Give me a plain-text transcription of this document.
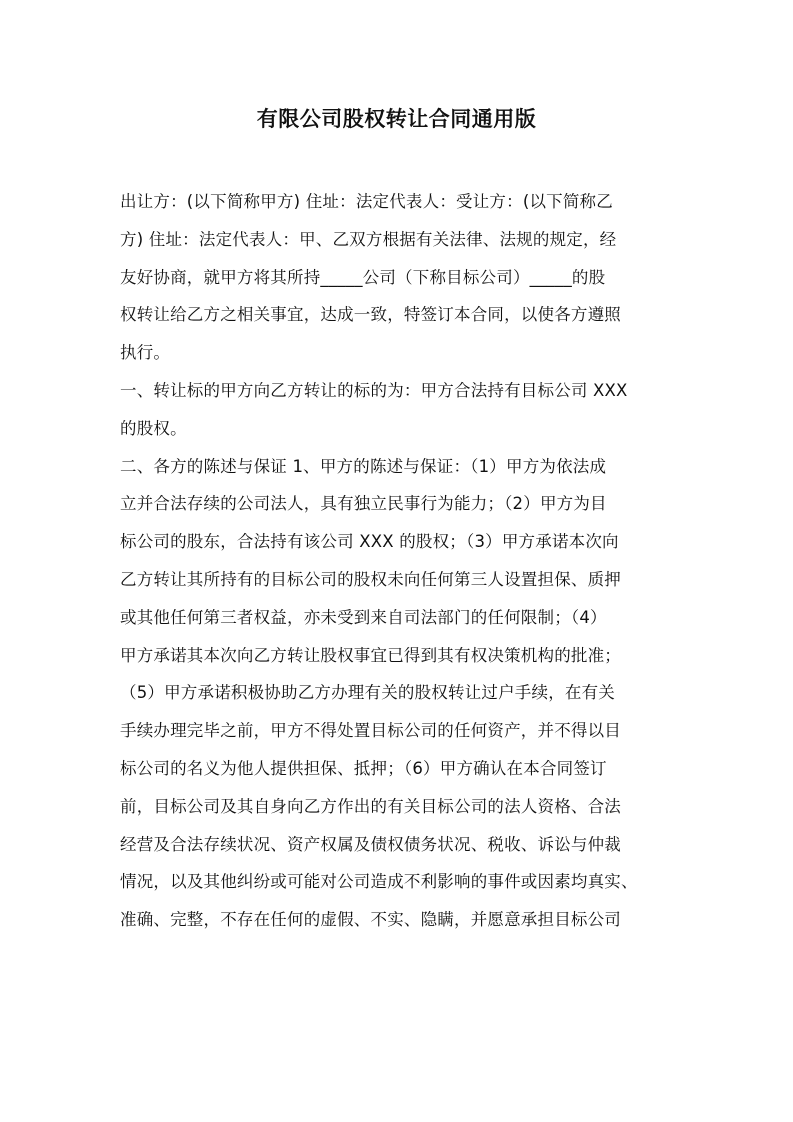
有限公司股权转让合同通用版
出让方：(以下简称甲方) 住址：法定代表人：受让方：(以下简称乙
方) 住址：法定代表人：甲、乙双方根据有关法律、法规的规定，经
友好协商，就甲方将其所持_____公司（下称目标公司）_____的股
权转让给乙方之相关事宜，达成一致，特签订本合同，以使各方遵照
执行。
一、转让标的甲方向乙方转让的标的为：甲方合法持有目标公司 XXX
的股权。
二、各方的陈述与保证 1、甲方的陈述与保证：（1）甲方为依法成
立并合法存续的公司法人，具有独立民事行为能力；（2）甲方为目
标公司的股东，合法持有该公司 XXX 的股权；（3）甲方承诺本次向
乙方转让其所持有的目标公司的股权未向任何第三人设置担保、质押
或其他任何第三者权益，亦未受到来自司法部门的任何限制；（4）
甲方承诺其本次向乙方转让股权事宜已得到其有权决策机构的批准；
（5）甲方承诺积极协助乙方办理有关的股权转让过户手续，在有关
手续办理完毕之前，甲方不得处置目标公司的任何资产，并不得以目
标公司的名义为他人提供担保、抵押；（6）甲方确认在本合同签订
前，目标公司及其自身向乙方作出的有关目标公司的法人资格、合法
经营及合法存续状况、资产权属及债权债务状况、税收、诉讼与仲裁
情况，以及其他纠纷或可能对公司造成不利影响的事件或因素均真实、
准确、完整，不存在任何的虚假、不实、隐瞒，并愿意承担目标公司
